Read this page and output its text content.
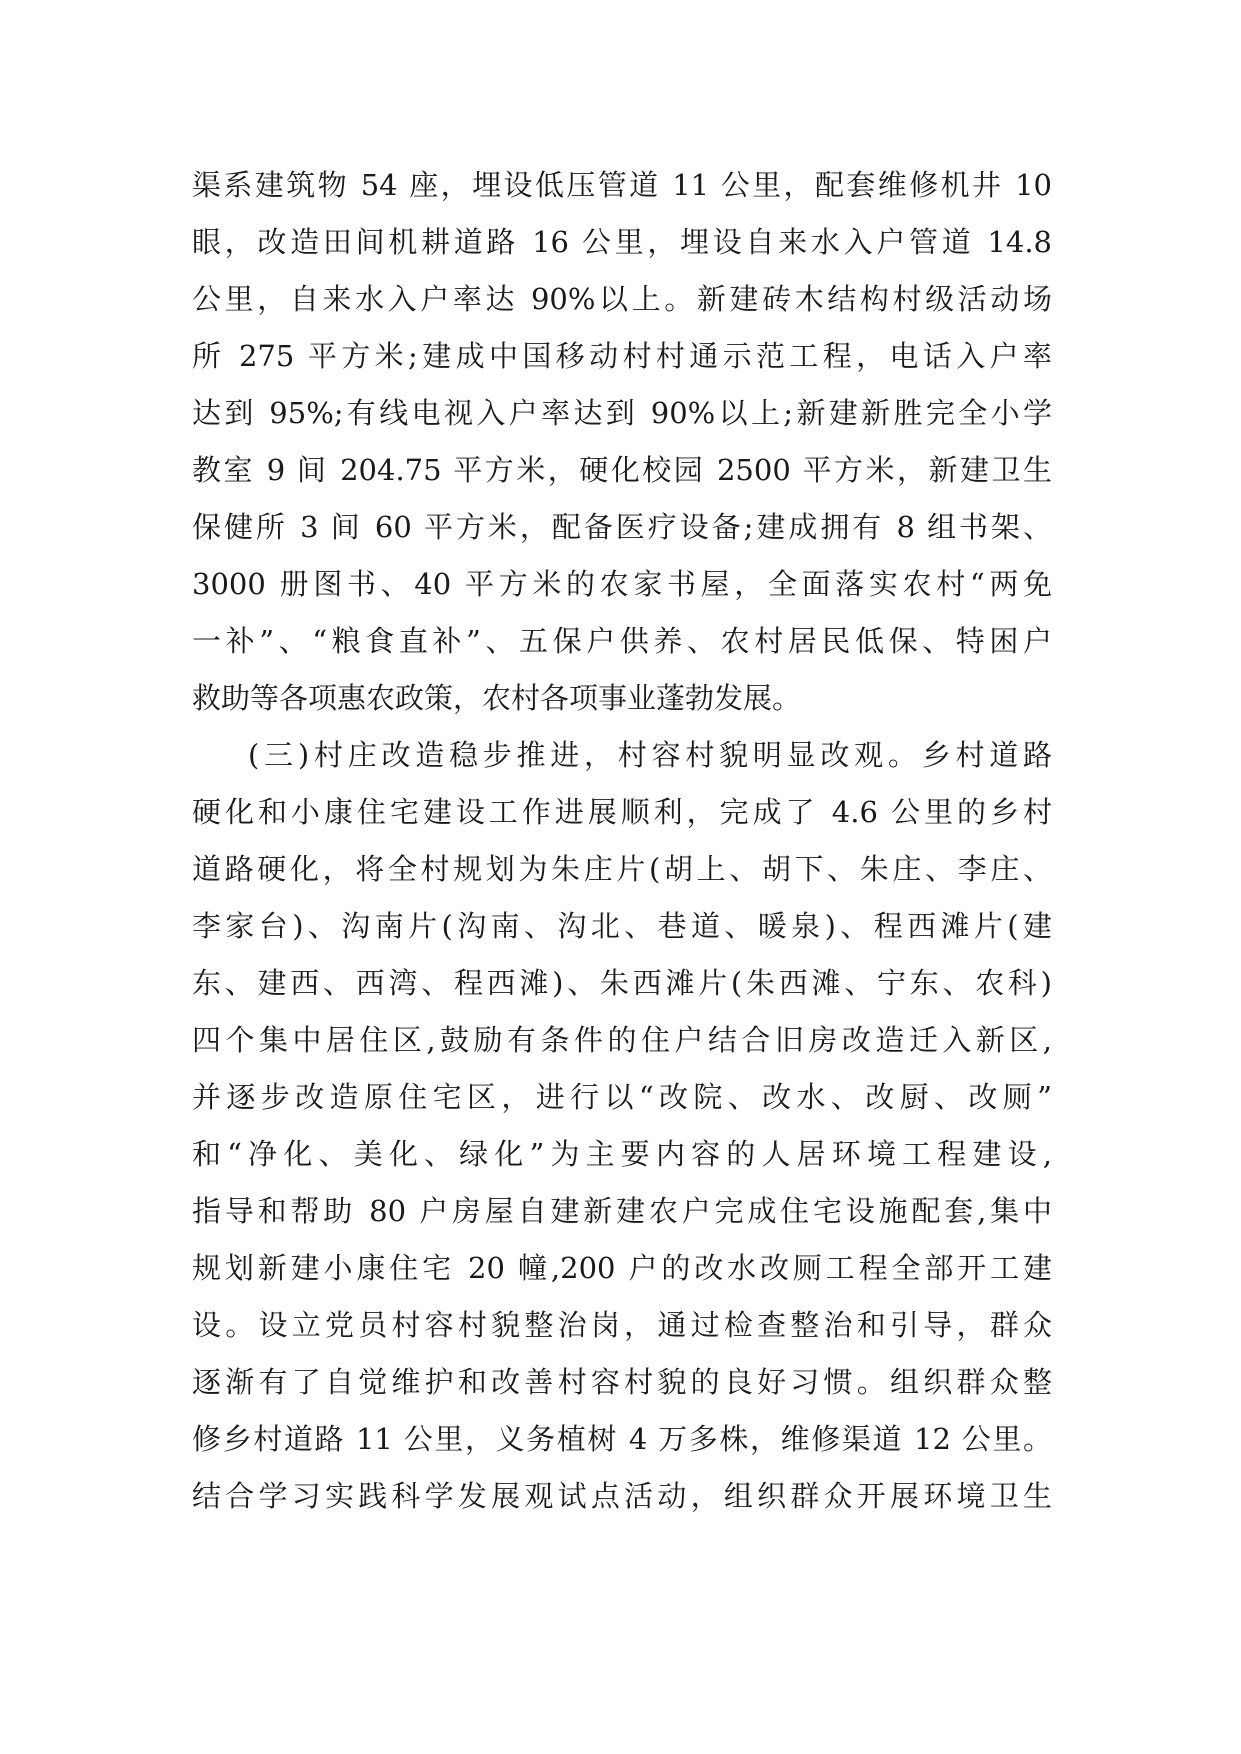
渠系建筑物 54 座，埋设低压管道 11 公里，配套维修机井 10
眼，改造田间机耕道路 16 公里，埋设自来水入户管道 14.8
公里，自来水入户率达 90%以上。新建砖木结构村级活动场
所 275 平方米;建成中国移动村村通示范工程，电话入户率
达到 95%;有线电视入户率达到 90%以上;新建新胜完全小学
教室 9 间 204.75 平方米，硬化校园 2500 平方米，新建卫生
保健所 3 间 60 平方米，配备医疗设备;建成拥有 8 组书架、
3000 册图书、40 平方米的农家书屋，全面落实农村“两免
一补”、“粮食直补”、五保户供养、农村居民低保、特困户
救助等各项惠农政策，农村各项事业蓬勃发展。
(三)村庄改造稳步推进，村容村貌明显改观。乡村道路
硬化和小康住宅建设工作进展顺利，完成了 4.6 公里的乡村
道路硬化，将全村规划为朱庄片(胡上、胡下、朱庄、李庄、
李家台)、沟南片(沟南、沟北、巷道、暖泉)、程西滩片(建
东、建西、西湾、程西滩)、朱西滩片(朱西滩、宁东、农科)
四个集中居住区,鼓励有条件的住户结合旧房改造迁入新区,
并逐步改造原住宅区，进行以“改院、改水、改厨、改厕”
和“净化、美化、绿化”为主要内容的人居环境工程建设,
指导和帮助 80 户房屋自建新建农户完成住宅设施配套,集中
规划新建小康住宅 20 幢,200 户的改水改厕工程全部开工建
设。设立党员村容村貌整治岗，通过检查整治和引导，群众
逐渐有了自觉维护和改善村容村貌的良好习惯。组织群众整
修乡村道路 11 公里，义务植树 4 万多株，维修渠道 12 公里。
结合学习实践科学发展观试点活动，组织群众开展环境卫生
